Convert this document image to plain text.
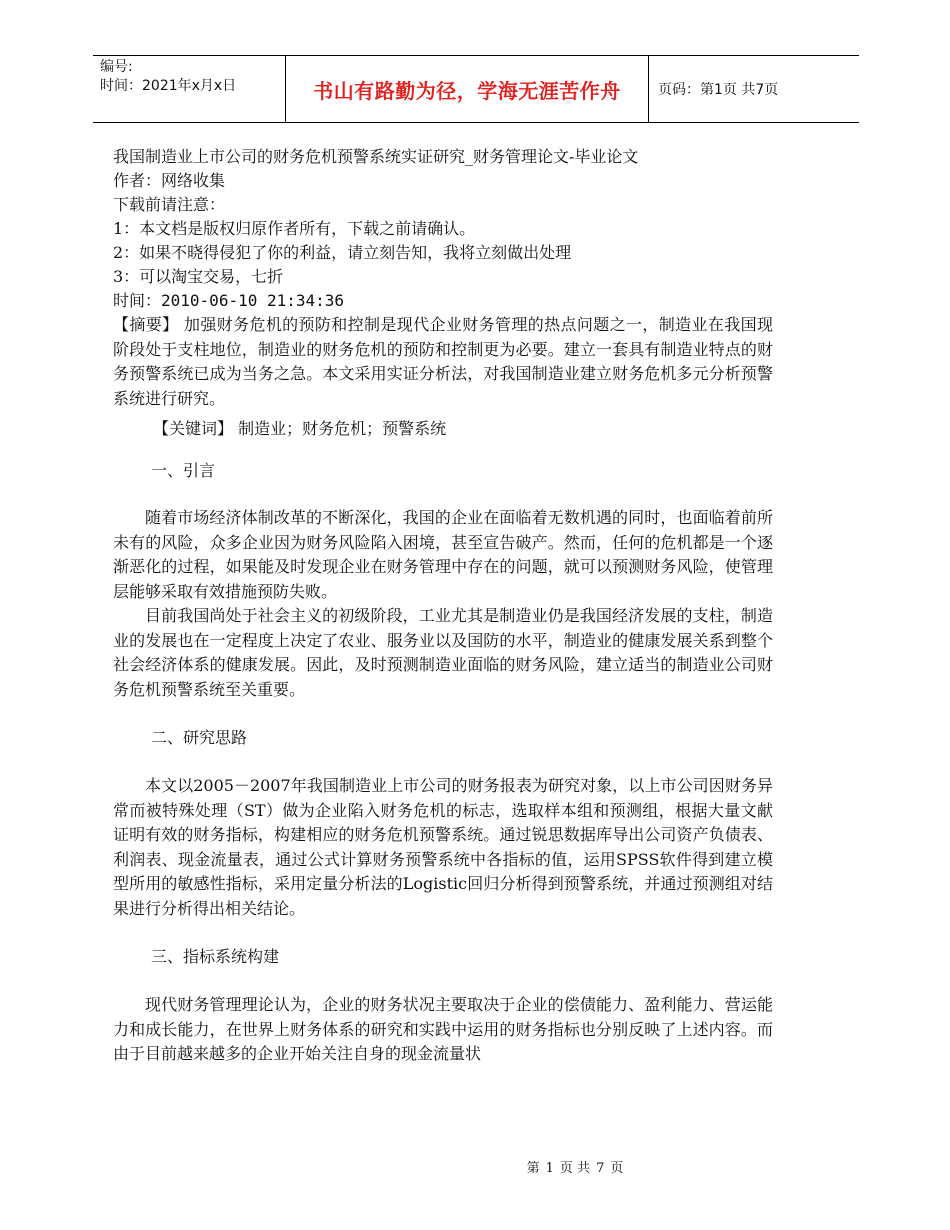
编号:
时间：2021年x月x日	书山有路勤为径，学海无涯苦作舟	页码：第1页 共7页
我国制造业上市公司的财务危机预警系统实证研究_财务管理论文-毕业论文
作者：网络收集
下载前请注意：
1：本文档是版权归原作者所有，下载之前请确认。
2：如果不晓得侵犯了你的利益，请立刻告知，我将立刻做出处理
3：可以淘宝交易，七折
时间：2010-06-10 21:34:36

【摘要】 加强财务危机的预防和控制是现代企业财务管理的热点问题之一，制造业在我国现阶段处于支柱地位，制造业的财务危机的预防和控制更为必要。建立一套具有制造业特点的财务预警系统已成为当务之急。本文采用实证分析法，对我国制造业建立财务危机多元分析预警系统进行研究。

【关键词】 制造业；财务危机；预警系统
一、引言

随着市场经济体制改革的不断深化，我国的企业在面临着无数机遇的同时，也面临着前所未有的风险，众多企业因为财务风险陷入困境，甚至宣告破产。然而，任何的危机都是一个逐渐恶化的过程，如果能及时发现企业在财务管理中存在的问题，就可以预测财务风险，使管理层能够采取有效措施预防失败。

目前我国尚处于社会主义的初级阶段，工业尤其是制造业仍是我国经济发展的支柱，制造业的发展也在一定程度上决定了农业、服务业以及国防的水平，制造业的健康发展关系到整个社会经济体系的健康发展。因此，及时预测制造业面临的财务风险，建立适当的制造业公司财务危机预警系统至关重要。

二、研究思路

本文以2005－2007年我国制造业上市公司的财务报表为研究对象，以上市公司因财务异常而被特殊处理（ST）做为企业陷入财务危机的标志，选取样本组和预测组，根据大量文献证明有效的财务指标，构建相应的财务危机预警系统。通过锐思数据库导出公司资产负债表、利润表、现金流量表，通过公式计算财务预警系统中各指标的值，运用SPSS软件得到建立模型所用的敏感性指标，采用定量分析法的Logistic回归分析得到预警系统，并通过预测组对结果进行分析得出相关结论。

三、指标系统构建

现代财务管理理论认为，企业的财务状况主要取决于企业的偿债能力、盈利能力、营运能力和成长能力，在世界上财务体系的研究和实践中运用的财务指标也分别反映了上述内容。而由于目前越来越多的企业开始关注自身的现金流量状

第 1 页 共 7 页
